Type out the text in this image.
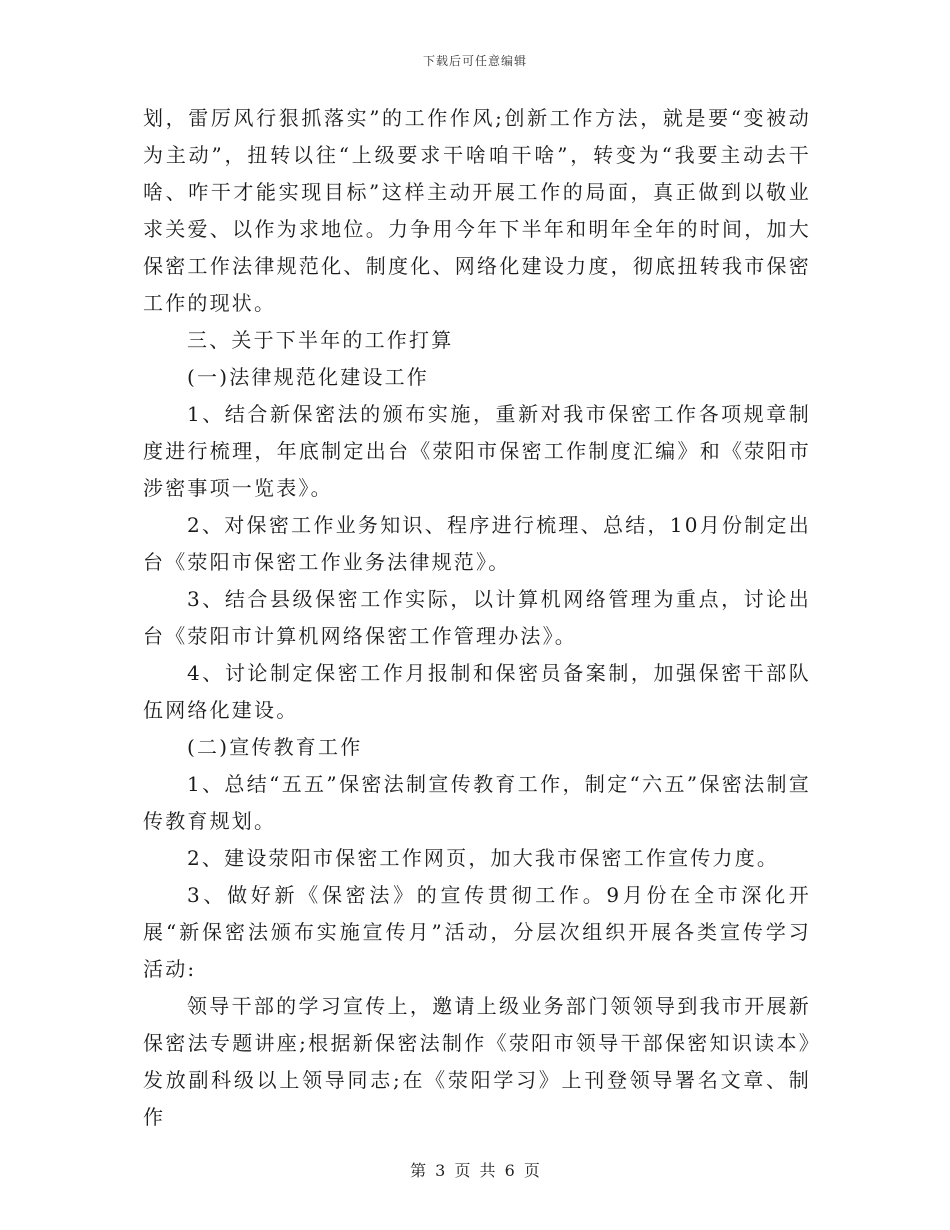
下载后可任意编辑

划，雷厉风行狠抓落实”的工作作风;创新工作方法，就是要“变被动为主动”，扭转以往“上级要求干啥咱干啥”，转变为“我要主动去干啥、咋干才能实现目标”这样主动开展工作的局面，真正做到以敬业求关爱、以作为求地位。力争用今年下半年和明年全年的时间，加大保密工作法律规范化、制度化、网络化建设力度，彻底扭转我市保密工作的现状。

三、关于下半年的工作打算

(一)法律规范化建设工作

1、结合新保密法的颁布实施，重新对我市保密工作各项规章制度进行梳理，年底制定出台《荥阳市保密工作制度汇编》和《荥阳市涉密事项一览表》。

2、对保密工作业务知识、程序进行梳理、总结，10月份制定出台《荥阳市保密工作业务法律规范》。

3、结合县级保密工作实际，以计算机网络管理为重点，讨论出台《荥阳市计算机网络保密工作管理办法》。

4、讨论制定保密工作月报制和保密员备案制，加强保密干部队伍网络化建设。

(二)宣传教育工作

1、总结“五五”保密法制宣传教育工作，制定“六五”保密法制宣传教育规划。

2、建设荥阳市保密工作网页，加大我市保密工作宣传力度。

3、做好新《保密法》的宣传贯彻工作。9月份在全市深化开展“新保密法颁布实施宣传月”活动，分层次组织开展各类宣传学习活动:

领导干部的学习宣传上，邀请上级业务部门领领导到我市开展新保密法专题讲座;根据新保密法制作《荥阳市领导干部保密知识读本》发放副科级以上领导同志;在《荥阳学习》上刊登领导署名文章、制作

第 3 页 共 6 页
